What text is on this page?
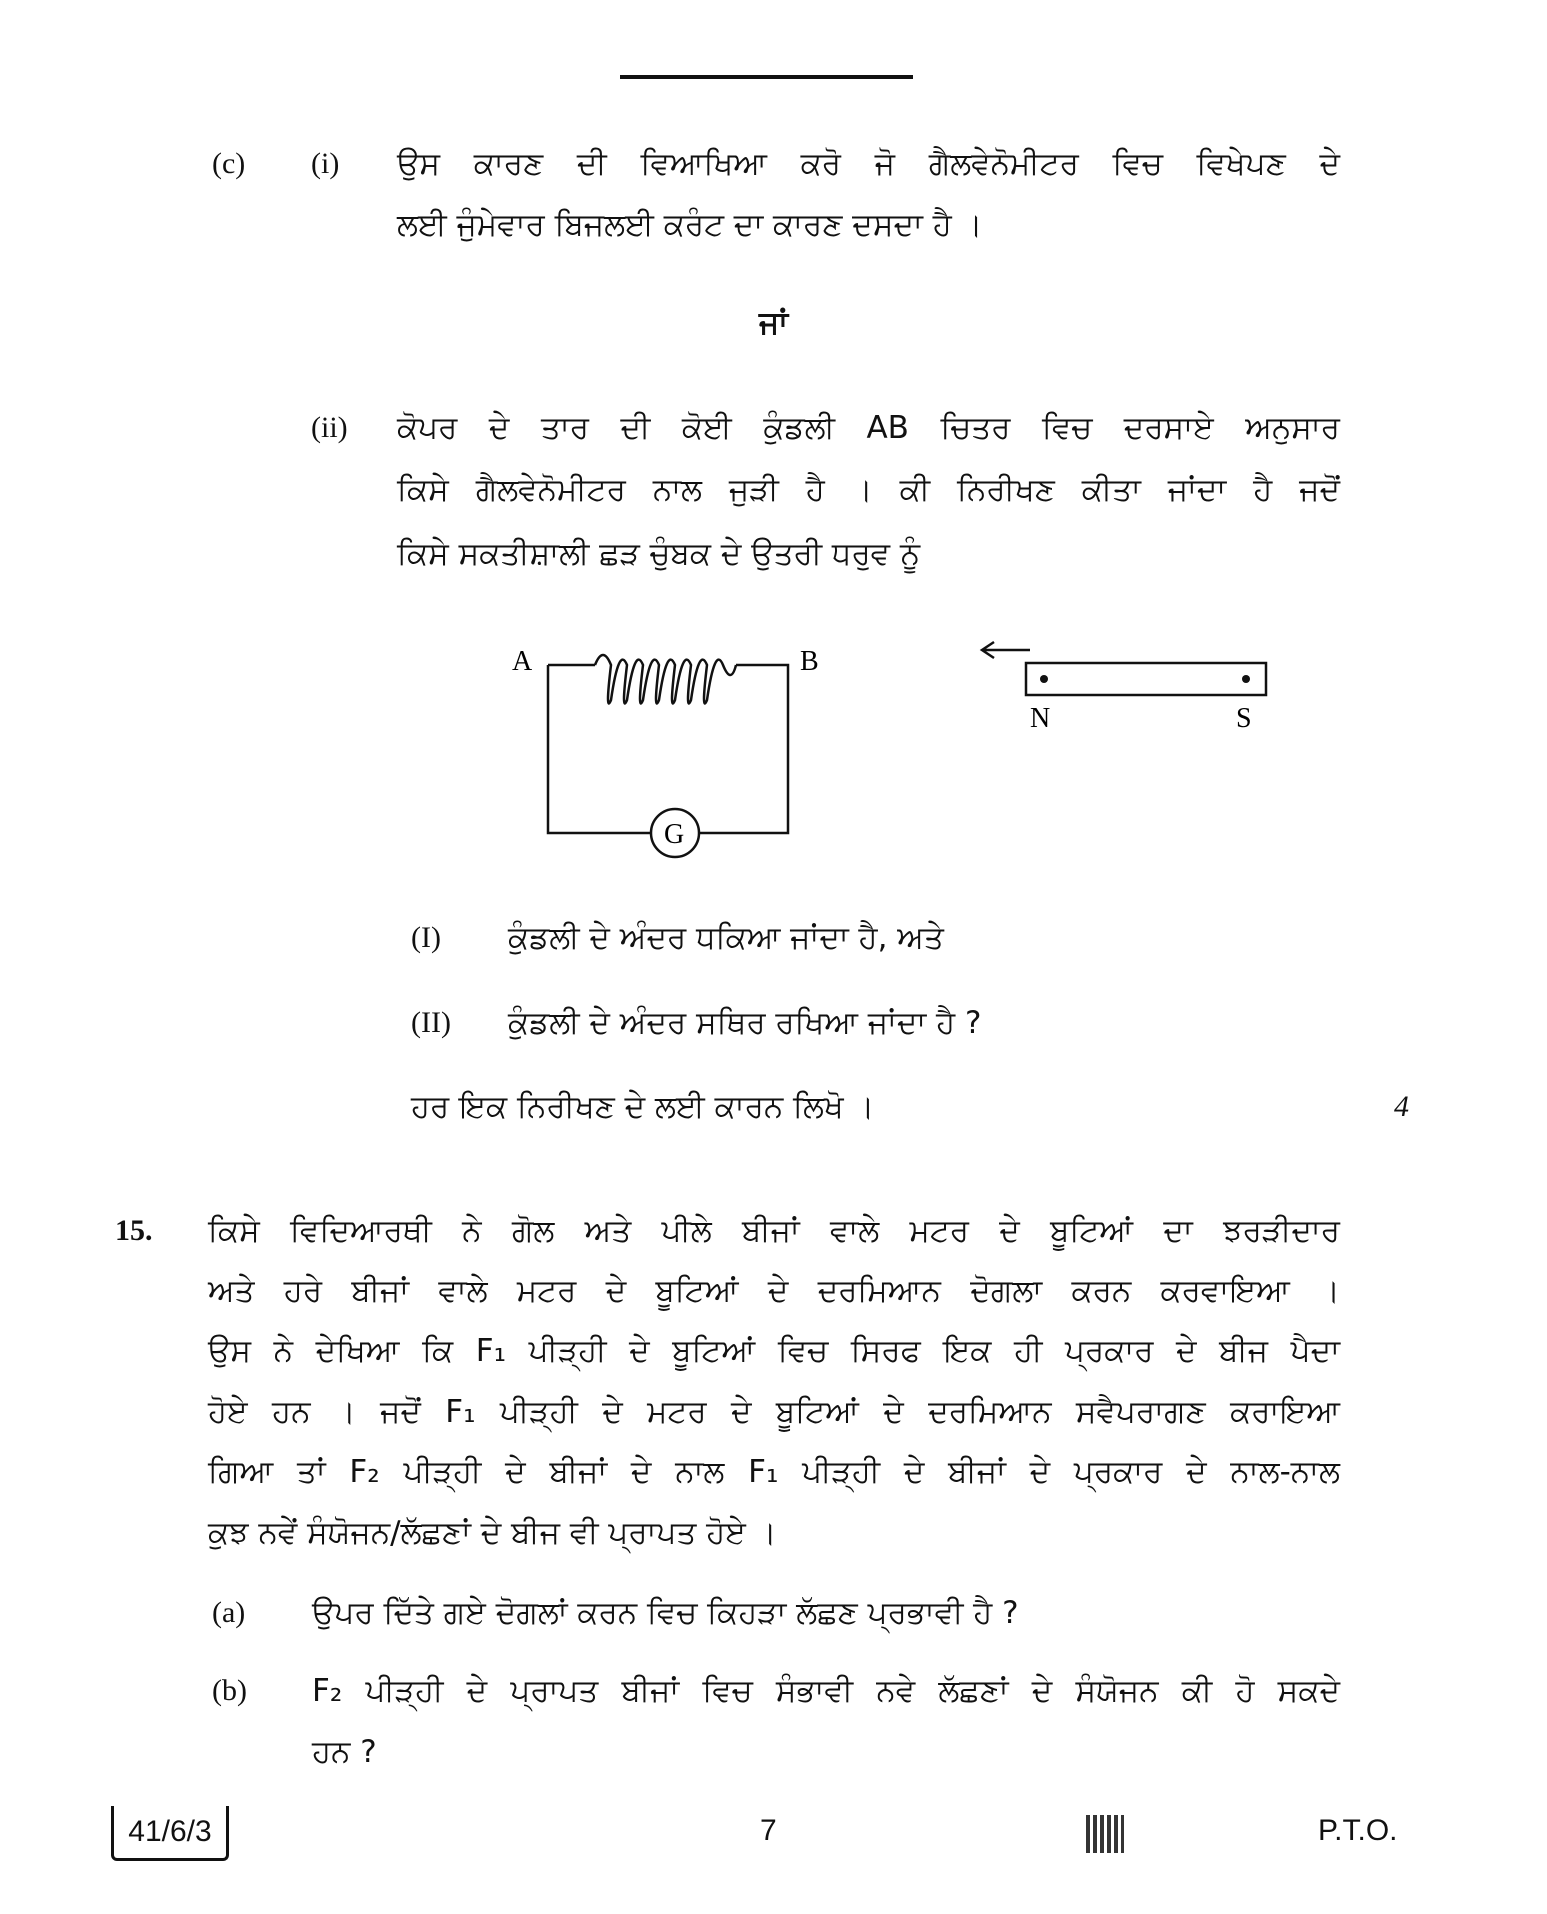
(c) (i) ਉਸ ਕਾਰਣ ਦੀ ਵਿਆਖਿਆ ਕਰੋ ਜੋ ਗੈਲਵੇਨੋਮੀਟਰ ਵਿਚ ਵਿਖੇਪਣ ਦੇ
ਲਈ ਜੁੰਮੇਵਾਰ ਬਿਜਲਈ ਕਰੰਟ ਦਾ ਕਾਰਣ ਦਸਦਾ ਹੈ ।
ਜਾਂ
(ii) ਕੋਪਰ ਦੇ ਤਾਰ ਦੀ ਕੋਈ ਕੁੰਡਲੀ AB ਚਿਤਰ ਵਿਚ ਦਰਸਾਏ ਅਨੁਸਾਰ
ਕਿਸੇ ਗੈਲਵੇਨੋਮੀਟਰ ਨਾਲ ਜੁੜੀ ਹੈ । ਕੀ ਨਿਰੀਖਣ ਕੀਤਾ ਜਾਂਦਾ ਹੈ ਜਦੋਂ
ਕਿਸੇ ਸਕਤੀਸ਼ਾਲੀ ਛੜ ਚੁੰਬਕ ਦੇ ਉਤਰੀ ਧਰੁਵ ਨੂੰ
A	B
G
N	S
(I) ਕੁੰਡਲੀ ਦੇ ਅੰਦਰ ਧਕਿਆ ਜਾਂਦਾ ਹੈ, ਅਤੇ
(II) ਕੁੰਡਲੀ ਦੇ ਅੰਦਰ ਸਥਿਰ ਰਖਿਆ ਜਾਂਦਾ ਹੈ ?
ਹਰ ਇਕ ਨਿਰੀਖਣ ਦੇ ਲਈ ਕਾਰਨ ਲਿਖੋ ।	4
15. ਕਿਸੇ ਵਿਦਿਆਰਥੀ ਨੇ ਗੋਲ ਅਤੇ ਪੀਲੇ ਬੀਜਾਂ ਵਾਲੇ ਮਟਰ ਦੇ ਬੂਟਿਆਂ ਦਾ ਝਰੜੀਦਾਰ
ਅਤੇ ਹਰੇ ਬੀਜਾਂ ਵਾਲੇ ਮਟਰ ਦੇ ਬੂਟਿਆਂ ਦੇ ਦਰਮਿਆਨ ਦੋਗਲਾ ਕਰਨ ਕਰਵਾਇਆ ।
ਉਸ ਨੇ ਦੇਖਿਆ ਕਿ F₁ ਪੀੜ੍ਹੀ ਦੇ ਬੂਟਿਆਂ ਵਿਚ ਸਿਰਫ ਇਕ ਹੀ ਪ੍ਰਕਾਰ ਦੇ ਬੀਜ ਪੈਦਾ
ਹੋਏ ਹਨ । ਜਦੋਂ F₁ ਪੀੜ੍ਹੀ ਦੇ ਮਟਰ ਦੇ ਬੂਟਿਆਂ ਦੇ ਦਰਮਿਆਨ ਸਵੈਪਰਾਗਣ ਕਰਾਇਆ
ਗਿਆ ਤਾਂ F₂ ਪੀੜ੍ਹੀ ਦੇ ਬੀਜਾਂ ਦੇ ਨਾਲ F₁ ਪੀੜ੍ਹੀ ਦੇ ਬੀਜਾਂ ਦੇ ਪ੍ਰਕਾਰ ਦੇ ਨਾਲ-ਨਾਲ
ਕੁਝ ਨਵੇਂ ਸੰਯੋਜਨ/ਲੱਛਣਾਂ ਦੇ ਬੀਜ ਵੀ ਪ੍ਰਾਪਤ ਹੋਏ ।
(a) ਉਪਰ ਦਿੱਤੇ ਗਏ ਦੋਗਲਾਂ ਕਰਨ ਵਿਚ ਕਿਹੜਾ ਲੱਛਣ ਪ੍ਰਭਾਵੀ ਹੈ ?
(b) F₂ ਪੀੜ੍ਹੀ ਦੇ ਪ੍ਰਾਪਤ ਬੀਜਾਂ ਵਿਚ ਸੰਭਾਵੀ ਨਵੇ ਲੱਛਣਾਂ ਦੇ ਸੰਯੋਜਨ ਕੀ ਹੋ ਸਕਦੇ
ਹਨ ?
41/6/3	7	P.T.O.
